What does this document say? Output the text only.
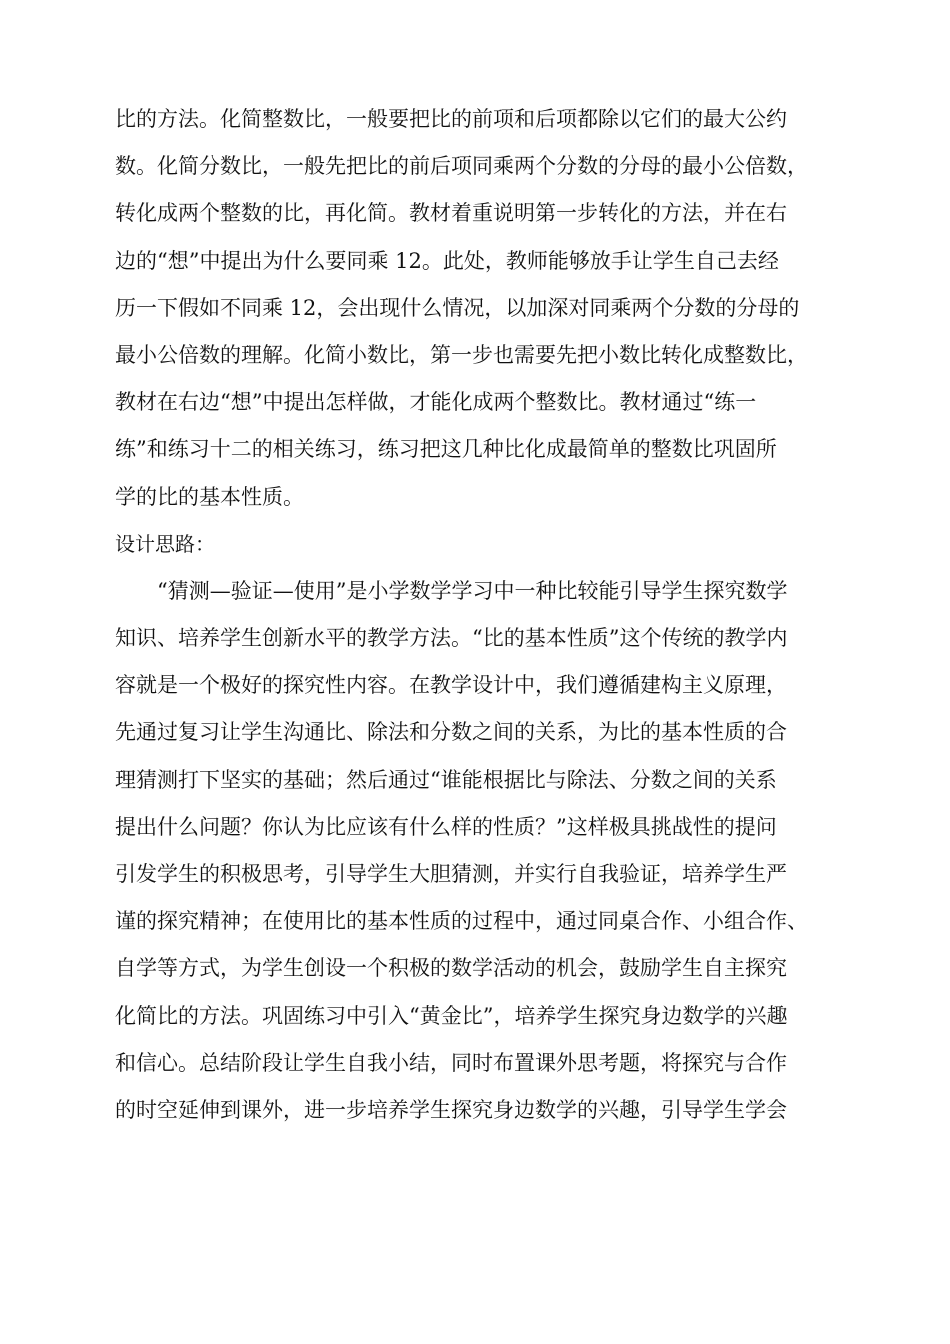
比的方法。化简整数比，一般要把比的前项和后项都除以它们的最大公约
数。化简分数比，一般先把比的前后项同乘两个分数的分母的最小公倍数，
转化成两个整数的比，再化简。教材着重说明第一步转化的方法，并在右
边的“想”中提出为什么要同乘 12。此处，教师能够放手让学生自己去经
历一下假如不同乘 12，会出现什么情况，以加深对同乘两个分数的分母的
最小公倍数的理解。化简小数比，第一步也需要先把小数比转化成整数比，
教材在右边“想”中提出怎样做，才能化成两个整数比。教材通过“练一
练”和练习十二的相关练习，练习把这几种比化成最简单的整数比巩固所
学的比的基本性质。
设计思路：
“猜测—验证—使用”是小学数学学习中一种比较能引导学生探究数学
知识、培养学生创新水平的教学方法。“比的基本性质”这个传统的教学内
容就是一个极好的探究性内容。在教学设计中，我们遵循建构主义原理，
先通过复习让学生沟通比、除法和分数之间的关系，为比的基本性质的合
理猜测打下坚实的基础；然后通过“谁能根据比与除法、分数之间的关系
提出什么问题？你认为比应该有什么样的性质？”这样极具挑战性的提问
引发学生的积极思考，引导学生大胆猜测，并实行自我验证，培养学生严
谨的探究精神；在使用比的基本性质的过程中，通过同桌合作、小组合作、
自学等方式，为学生创设一个积极的数学活动的机会，鼓励学生自主探究
化简比的方法。巩固练习中引入“黄金比”，培养学生探究身边数学的兴趣
和信心。总结阶段让学生自我小结，同时布置课外思考题，将探究与合作
的时空延伸到课外，进一步培养学生探究身边数学的兴趣，引导学生学会
